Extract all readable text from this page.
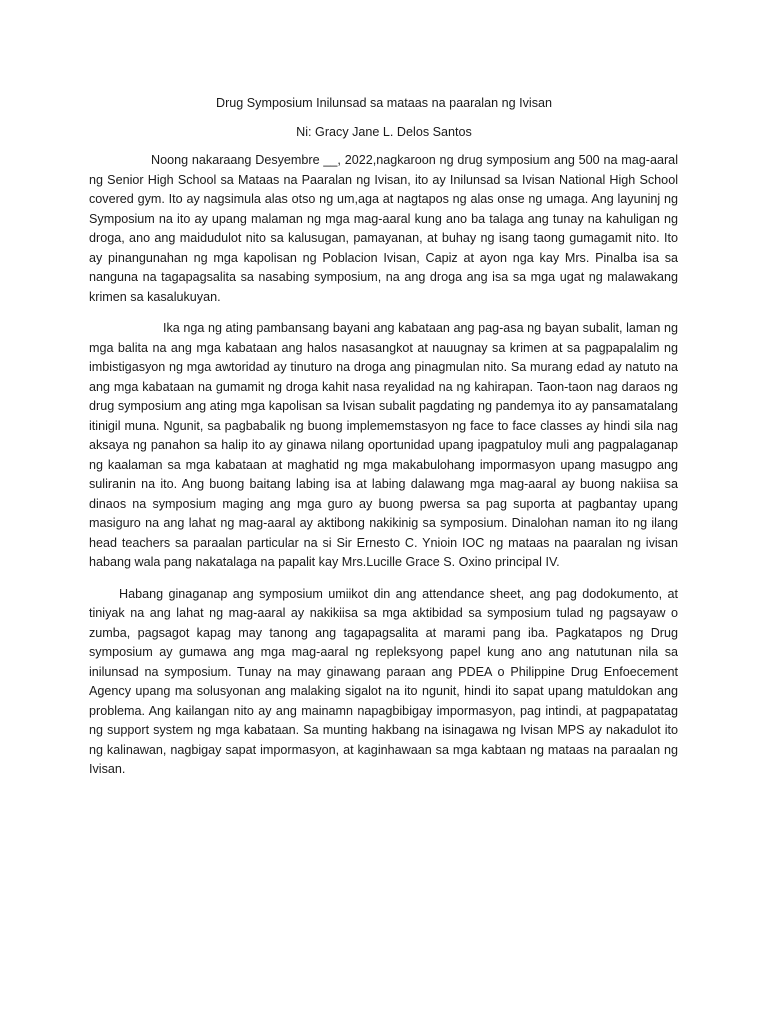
Drug Symposium Inilunsad sa mataas na paaralan ng Ivisan

Ni: Gracy Jane L. Delos Santos

Noong nakaraang Desyembre __, 2022,nagkaroon ng drug symposium ang 500 na mag-aaral ng Senior High School sa Mataas na Paaralan ng Ivisan, ito ay Inilunsad sa Ivisan National High School covered gym. Ito ay nagsimula alas otso ng um,aga at nagtapos ng alas onse ng umaga. Ang layuninj ng Symposium na ito ay upang malaman ng mga mag-aaral kung ano ba talaga ang tunay na kahuligan ng droga, ano ang maidudulot nito sa kalusugan, pamayanan, at buhay ng isang taong gumagamit nito. Ito ay pinangunahan ng mga kapolisan ng Poblacion Ivisan, Capiz at ayon nga kay Mrs. Pinalba isa sa nanguna na tagapagsalita sa nasabing symposium, na ang droga ang isa sa mga ugat ng malawakang krimen sa kasalukuyan.

Ika nga ng ating pambansang bayani ang kabataan ang pag-asa ng bayan subalit, laman ng mga balita na ang mga kabataan ang halos nasasangkot at nauugnay sa krimen at sa pagpapalalim ng imbistigasyon ng mga awtoridad ay tinuturo na droga ang pinagmulan nito. Sa murang edad ay natuto na ang mga kabataan na gumamit ng droga kahit nasa reyalidad na ng kahirapan. Taon-taon nag daraos ng drug symposium ang ating mga kapolisan sa Ivisan subalit pagdating ng pandemya ito ay pansamatalang itinigil muna. Ngunit, sa pagbabalik ng buong implememstasyon ng face to face classes ay hindi sila nag aksaya ng panahon sa halip ito ay ginawa nilang oportunidad upang ipagpatuloy muli ang pagpalaganap ng kaalaman sa mga kabataan at maghatid ng mga makabulohang impormasyon upang masugpo ang suliranin na ito. Ang buong baitang labing isa at labing dalawang mga mag-aaral ay buong nakiisa sa dinaos na symposium maging ang mga guro ay buong pwersa sa pag suporta at pagbantay upang masiguro na ang lahat ng mag-aaral ay aktibong nakikinig sa symposium. Dinalohan naman ito ng ilang head teachers sa paraalan particular na si Sir Ernesto C. Ynioin IOC ng mataas na paaralan ng ivisan habang wala pang nakatalaga na papalit kay Mrs.Lucille Grace S. Oxino principal IV.

Habang ginaganap ang symposium umiikot din ang attendance sheet, ang pag dodokumento, at tiniyak na ang lahat ng mag-aaral ay nakikiisa sa mga aktibidad sa symposium tulad ng pagsayaw o zumba, pagsagot kapag may tanong ang tagapagsalita at marami pang iba. Pagkatapos ng Drug symposium ay gumawa ang mga mag-aaral ng repleksyong papel kung ano ang natutunan nila sa inilunsad na symposium. Tunay na may ginawang paraan ang PDEA o Philippine Drug Enfoecement Agency upang ma solusyonan ang malaking sigalot na ito ngunit, hindi ito sapat upang matuldokan ang problema. Ang kailangan nito ay ang mainamn napagbibigay impormasyon, pag intindi, at pagpapatatag ng support system ng mga kabataan. Sa munting hakbang na isinagawa ng Ivisan MPS ay nakadulot ito ng kalinawan, nagbigay sapat impormasyon, at kaginhawaan sa mga kabtaan ng mataas na paraalan ng Ivisan.
